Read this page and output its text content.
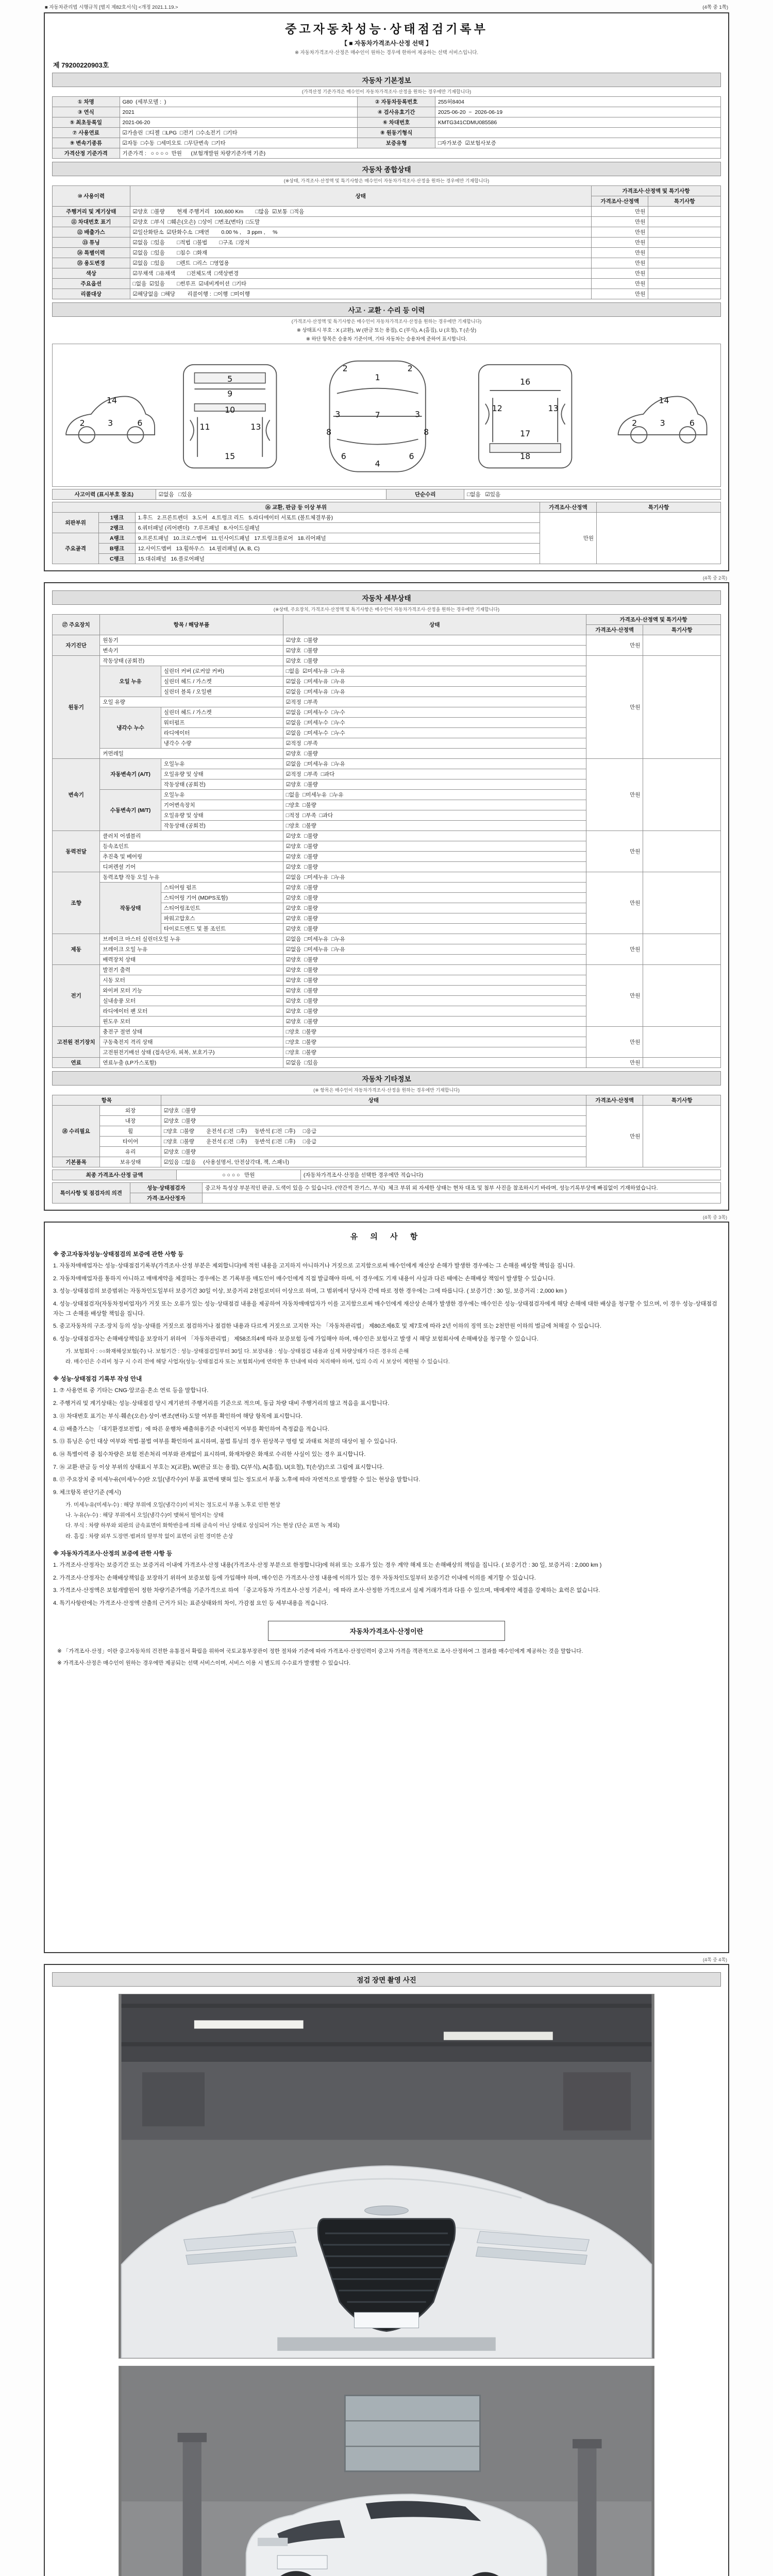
■ 자동차관리법 시행규칙 [별지 제82호서식] <개정 2021.1.19.>	(4쪽 중 1쪽)
중고자동차성능·상태점검기록부
【 ■ 자동차가격조사·산정 선택 】
※ 자동차가격조사·산정은 매수인이 원하는 경우에 한하여 제공하는 선택 서비스입니다.
제 79200220903호
자동차 기본정보
(가격산정 기준가격은 매수인이 자동차가격조사·산정을 원하는 경우에만 기재합니다)
① 차명	G80  (세부모델 :  )	② 자동차등록번호	255허8404
③ 연식	2021	④ 검사유효기간	2025-06-20  ~  2026-06-19
⑤ 최초등록일	2021-06-20	⑥ 차대번호	KMTG341CDMU085586
⑦ 사용연료	☑가솔린  □디젤  □LPG  □전기  □수소전기  □기타	⑧ 원동기형식	
⑨ 변속기종류	☑자동  □수동  □세미오토  □무단변속  □기타	보증유형	□자가보증  ☑보험사보증
가격산정 기준가격	기준가격 :   ○ ○ ○ ○  만원      (보험개발원 차량기준가액 기준)		
자동차 종합상태
(※상태, 가격조사·산정액 및 특기사항은 매수인이 자동차가격조사·산정을 원하는 경우에만 기재합니다)
⑩ 사용이력	상태	가격조사·산정액 및 특기사항	
		가격조사·산정액	특기사항
주행거리 및 계기상태	☑양호  □불량        현재 주행거리   100,600 Km        □많음  ☑보통  □적음	만원	
⑪ 차대번호 표기	☑양호  □부식  □훼손(오손)  □상이  □변조(변타)  □도말	만원	
⑫ 배출가스	☑일산화탄소  ☑탄화수소  □매연        0.00 % ,    3 ppm ,     %	만원	
⑬ 튜닝	☑없음  □있음        □적법  □불법        □구조  □장치	만원	
⑭ 특별이력	☑없음  □있음        □침수  □화재	만원	
⑮ 용도변경	☑없음  □있음        □렌트  □리스  □영업용	만원	
색상	☑무채색  □유채색        □전체도색  □색상변경	만원	
주요옵션	□없음  ☑있음        □썬루프  ☑네비게이션  □기타	만원	
리콜대상	☑해당없음  □해당        리콜이행 :  □이행  □미이행	만원	
사고 · 교환 · 수리 등 이력
(가격조사·산정액 및 특기사항은 매수인이 자동차가격조사·산정을 원하는 경우에만 기재합니다)
※ 상태표시 부호 : X (교환), W (판금 또는 용접), C (부식), A (흠집), U (요철), T (손상)
※ 하단 항목은 승용차 기준이며, 기타 자동차는 승용차에 준하여 표시합니다.
14
2	3	6
5
9
10
11	13
15
2	2
1
3	7	3
8	8
6	6
4
16
12	13
17
18
14
2	3	6
사고이력 (표시부호 참조)	☑없음   □있음	단순수리	□없음   ☑있음
⑯ 교환, 판금 등 이상 부위			가격조사·산정액	특기사항
외판부위	1랭크	1.후드   2.프론트펜더   3.도어   4.트렁크 리드   5.라디에이터 서포트 (볼트체결부품)	만원	
	2랭크	6.쿼터패널 (리어펜더)   7.루프패널   8.사이드실패널		
주요골격	A랭크	9.프론트패널   10.크로스멤버   11.인사이드패널   17.트렁크플로어   18.리어패널		
	B랭크	12.사이드멤버   13.휠하우스   14.필러패널 (A, B, C)		
	C랭크	15.대쉬패널   16.플로어패널		
(4쪽 중 2쪽)
자동차 세부상태
(※상태, 주요장치, 가격조사·산정액 및 특기사항은 매수인이 자동차가격조사·산정을 원하는 경우에만 기재합니다)
⑰ 주요장치	항목 / 해당부품		상태	가격조사·산정액 및 특기사항	
				가격조사·산정액	특기사항
자기진단	원동기		☑양호  □불량	만원	
	변속기		☑양호  □불량		
원동기	작동상태 (공회전)		☑양호  □불량	만원	
	오일 누유	실린더 커버 (로커암 커버)	□없음  ☑미세누유  □누유		
		실린더 헤드 / 가스켓	☑없음  □미세누유  □누유		
		실린더 블록 / 오일팬	☑없음  □미세누유  □누유		
	오일 유량		☑적정  □부족		
	냉각수 누수	실린더 헤드 / 가스켓	☑없음  □미세누수  □누수		
		워터펌프	☑없음  □미세누수  □누수		
		라디에이터	☑없음  □미세누수  □누수		
		냉각수 수량	☑적정  □부족		
	커먼레일		☑양호  □불량		
변속기	자동변속기 (A/T)	오일누유	☑없음  □미세누유  □누유	만원	
		오일유량 및 상태	☑적정  □부족  □과다		
		작동상태 (공회전)	☑양호  □불량		
	수동변속기 (M/T)	오일누유	□없음  □미세누유  □누유		
		기어변속장치	□양호  □불량		
		오일유량 및 상태	□적정  □부족  □과다		
		작동상태 (공회전)	□양호  □불량		
동력전달	클러치 어셈블리		☑양호  □불량	만원	
	등속조인트		☑양호  □불량		
	추진축 및 베어링		☑양호  □불량		
	디퍼렌셜 기어		☑양호  □불량		
조향	동력조향 작동 오일 누유		☑없음  □미세누유  □누유	만원	
	작동상태	스티어링 펌프	☑양호  □불량		
		스티어링 기어 (MDPS포함)	☑양호  □불량		
		스티어링조인트	☑양호  □불량		
		파워고압호스	☑양호  □불량		
		타이로드엔드 및 볼 조인트	☑양호  □불량		
제동	브레이크 마스터 실린더오일 누유		☑없음  □미세누유  □누유	만원	
	브레이크 오일 누유		☑없음  □미세누유  □누유		
	배력장치 상태		☑양호  □불량		
전기	발전기 출력		☑양호  □불량	만원	
	시동 모터		☑양호  □불량		
	와이퍼 모터 기능		☑양호  □불량		
	실내송풍 모터		☑양호  □불량		
	라디에이터 팬 모터		☑양호  □불량		
	윈도우 모터		☑양호  □불량		
고전원 전기장치	충전구 절연 상태		□양호  □불량	만원	
	구동축전지 격리 상태		□양호  □불량		
	고전원전기배선 상태 (접속단자, 피복, 보호기구)		□양호  □불량		
연료	연료누출 (LP가스포함)		☑없음  □있음	만원	
자동차 기타정보
(※ 항목은 매수인이 자동차가격조사·산정을 원하는 경우에만 기재합니다)
항목		상태	가격조사·산정액	특기사항
⑱ 수리필요	외장	☑양호  □불량	만원	
	내장	☑양호  □불량		
	휠	□양호  □불량        운전석 (□전  □후)     동반석 (□전  □후)     □응급		
	타이어	□양호  □불량        운전석 (□전  □후)     동반석 (□전  □후)     □응급		
	유리	☑양호  □불량		
기본품목	보유상태	☑있음  □없음     (사용설명서, 안전삼각대, 잭, 스패너)		
최종 가격조사·산정 금액	○ ○ ○ ○   만원	(자동차가격조사·산정을 선택한 경우에만 적습니다)
특이사항 및 점검자의 의견	성능·상태점검자	중고차 특성상 부분적인 판금, 도색이 있을 수 있습니다. (약간씩 잔기스, 부식)  체크 부위 외 자세한 상태는 현차 대조 및 첨부 사진을 참조하시기 바라며, 성능기록부상에 빠짐없이 기재하였습니다.
	가격·조사산정자	
(4쪽 중 3쪽)
유 의 사 항
※ 중고자동차성능·상태점검의 보증에 관한 사항 등
1. 자동차매매업자는 성능·상태점검기록부(가격조사·산정 부분은 제외합니다)에 적힌 내용을 고지하지 아니하거나 거짓으로 고지함으로써 매수인에게 재산상 손해가 발생한 경우에는 그 손해를 배상할 책임을 집니다.
2. 자동차매매업자를 통하지 아니하고 매매계약을 체결하는 경우에는 본 기록부를 매도인이 매수인에게 직접 발급해야 하며, 이 경우에도 기재 내용이 사실과 다른 때에는 손해배상 책임이 발생할 수 있습니다.
3. 성능·상태점검의 보증범위는 자동차인도일부터 보증기간 30일 이상, 보증거리 2천킬로미터 이상으로 하며, 그 범위에서 당사자 간에 따로 정한 경우에는 그에 따릅니다. ( 보증기간 : 30 일, 보증거리 : 2,000 km )
4. 성능·상태점검자(자동차정비업자)가 거짓 또는 오류가 있는 성능·상태점검 내용을 제공하여 자동차매매업자가 이를 고지함으로써 매수인에게 재산상 손해가 발생한 경우에는 매수인은 성능·상태점검자에게 해당 손해에 대한 배상을 청구할 수 있으며, 이 경우 성능·상태점검자는 그 손해를 배상할 책임을 집니다.
5. 중고자동차의 구조·장치 등의 성능·상태를 거짓으로 점검하거나 점검한 내용과 다르게 거짓으로 고지한 자는 「자동차관리법」 제80조제6호 및 제7호에 따라 2년 이하의 징역 또는 2천만원 이하의 벌금에 처해질 수 있습니다.
6. 성능·상태점검자는 손해배상책임을 보장하기 위하여 「자동차관리법」 제58조의4에 따라 보증보험 등에 가입해야 하며, 매수인은 보험사고 발생 시 해당 보험회사에 손해배상을 청구할 수 있습니다.
가. 보험회사 : ○○화재해상보험(주) 나. 보험기간 : 성능·상태점검일부터 30일 다. 보장내용 : 성능·상태점검 내용과 실제 차량상태가 다른 경우의 손해
라. 매수인은 수리비 청구 시 수리 전에 해당 사업자(성능·상태점검자 또는 보험회사)에 연락한 후 안내에 따라 처리해야 하며, 임의 수리 시 보상이 제한될 수 있습니다.
※ 성능·상태점검 기록부 작성 안내
1. ⑦ 사용연료 중 기타는 CNG·알코올·혼소 연료 등을 말합니다.
2. 주행거리 및 계기상태는 성능·상태점검 당시 계기판의 주행거리를 기준으로 적으며, 동급 차량 대비 주행거리의 많고 적음을 표시합니다.
3. ⑪ 차대번호 표기는 부식·훼손(오손)·상이·변조(변타)·도말 여부를 확인하여 해당 항목에 표시합니다.
4. ⑫ 배출가스는 「대기환경보전법」에 따른 운행차 배출허용기준 이내인지 여부를 확인하여 측정값을 적습니다.
5. ⑬ 튜닝은 승인 대상 여부와 적법·불법 여부를 확인하여 표시하며, 불법 튜닝의 경우 원상복구 명령 및 과태료 처분의 대상이 될 수 있습니다.
6. ⑭ 특별이력 중 침수차량은 보험 전손처리 여부와 관계없이 표시하며, 화재차량은 화재로 수리한 사실이 있는 경우 표시합니다.
7. ⑯ 교환·판금 등 이상 부위의 상태표시 부호는 X(교환), W(판금 또는 용접), C(부식), A(흠집), U(요철), T(손상)으로 그림에 표시합니다.
8. ⑰ 주요장치 중 미세누유(미세누수)란 오일(냉각수)이 부품 표면에 맺혀 있는 정도로서 부품 노후에 따라 자연적으로 발생할 수 있는 현상을 말합니다.
9. 체크항목 판단기준 (예시)
가. 미세누유(미세누수) : 해당 부위에 오일(냉각수)이 비치는 정도로서 부품 노후로 인한 현상
나. 누유(누수) : 해당 부위에서 오일(냉각수)이 맺혀서 떨어지는 상태
다. 부식 : 차량 하부와 외판의 금속표면이 화학반응에 의해 금속이 아닌 상태로 상실되어 가는 현상 (단순 표면 녹 제외)
라. 흠집 : 차량 외부 도장면·범퍼의 탈부착 없이 표면이 긁힌 경미한 손상
※ 자동차가격조사·산정의 보증에 관한 사항 등
1. 가격조사·산정자는 보증기간 또는 보증거리 이내에 가격조사·산정 내용(가격조사·산정 부분으로 한정합니다)에 허위 또는 오류가 있는 경우 계약 해제 또는 손해배상의 책임을 집니다. ( 보증기간 : 30 일, 보증거리 : 2,000 km )
2. 가격조사·산정자는 손해배상책임을 보장하기 위하여 보증보험 등에 가입해야 하며, 매수인은 가격조사·산정 내용에 이의가 있는 경우 자동차인도일부터 보증기간 이내에 이의를 제기할 수 있습니다.
3. 가격조사·산정액은 보험개발원이 정한 차량기준가액을 기준가격으로 하여 「중고자동차 가격조사·산정 기준서」에 따라 조사·산정한 가격으로서 실제 거래가격과 다를 수 있으며, 매매계약 체결을 강제하는 효력은 없습니다.
4. 특기사항란에는 가격조사·산정액 산출의 근거가 되는 표준상태와의 차이, 가감점 요인 등 세부내용을 적습니다.
자동차가격조사·산정이란
※ 「가격조사·산정」이란 중고자동차의 건전한 유통질서 확립을 위하여 국토교통부장관이 정한 절차와 기준에 따라 가격조사·산정인력이 중고차 가격을 객관적으로 조사·산정하여 그 결과를 매수인에게 제공하는 것을 말합니다.
※ 가격조사·산정은 매수인이 원하는 경우에만 제공되는 선택 서비스이며, 서비스 이용 시 별도의 수수료가 발생할 수 있습니다.
(4쪽 중 4쪽)
점검 장면 촬영 사진
